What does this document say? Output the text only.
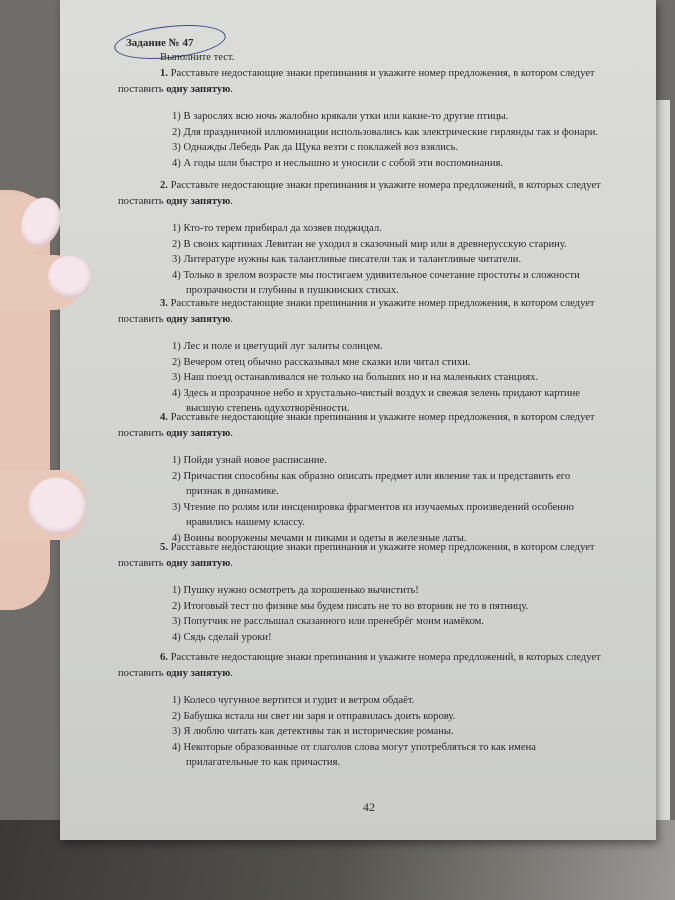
Задание № 47
Выполните тест.

1. Расставьте недостающие знаки препинания и укажите номер предложения, в котором следует поставить одну запятую.

1) В зарослях всю ночь жалобно крякали утки или какие-то другие птицы.

2) Для праздничной иллюминации использовались как электрические гирлянды так и фонари.

3) Однажды Лебедь Рак да Щука везти с поклажей воз взялись.

4) А годы шли быстро и неслышно и уносили с собой эти воспоминания.

2. Расставьте недостающие знаки препинания и укажите номера предложений, в которых следует поставить одну запятую.

1) Кто-то терем прибирал да хозяев поджидал.

2) В своих картинах Левитан не уходил в сказочный мир или в древнерусскую старину.

3) Литературе нужны как талантливые писатели так и талантливые читатели.

4) Только в зрелом возрасте мы постигаем удивительное сочетание простоты и сложности прозрачности и глубины в пушкинских стихах.

3. Расставьте недостающие знаки препинания и укажите номер предложения, в котором следует поставить одну запятую.

1) Лес и поле и цветущий луг залиты солнцем.

2) Вечером отец обычно рассказывал мне сказки или читал стихи.

3) Наш поезд останавливался не только на больших но и на маленьких станциях.

4) Здесь и прозрачное небо и хрустально-чистый воздух и свежая зелень придают картине высшую степень одухотворённости.

4. Расставьте недостающие знаки препинания и укажите номер предложения, в котором следует поставить одну запятую.

1) Пойди узнай новое расписание.

2) Причастия способны как образно описать предмет или явление так и представить его признак в динамике.

3) Чтение по ролям или инсценировка фрагментов из изучаемых произведений особенно нравились нашему классу.

4) Воины вооружены мечами и пиками и одеты в железные латы.

5. Расставьте недостающие знаки препинания и укажите номер предложения, в котором следует поставить одну запятую.

1) Пушку нужно осмотреть да хорошенько вычистить!

2) Итоговый тест по физике мы будем писать не то во вторник не то в пятницу.

3) Попутчик не расслышал сказанного или пренебрёг моим намёком.

4) Сядь сделай уроки!

6. Расставьте недостающие знаки препинания и укажите номера предложений, в которых следует поставить одну запятую.

1) Колесо чугунное вертится и гудит и ветром обдаёт.

2) Бабушка встала ни свет ни заря и отправилась доить корову.

3) Я люблю читать как детективы так и исторические романы.

4) Некоторые образованные от глаголов слова могут употребляться то как имена прилагательные то как причастия.

42
